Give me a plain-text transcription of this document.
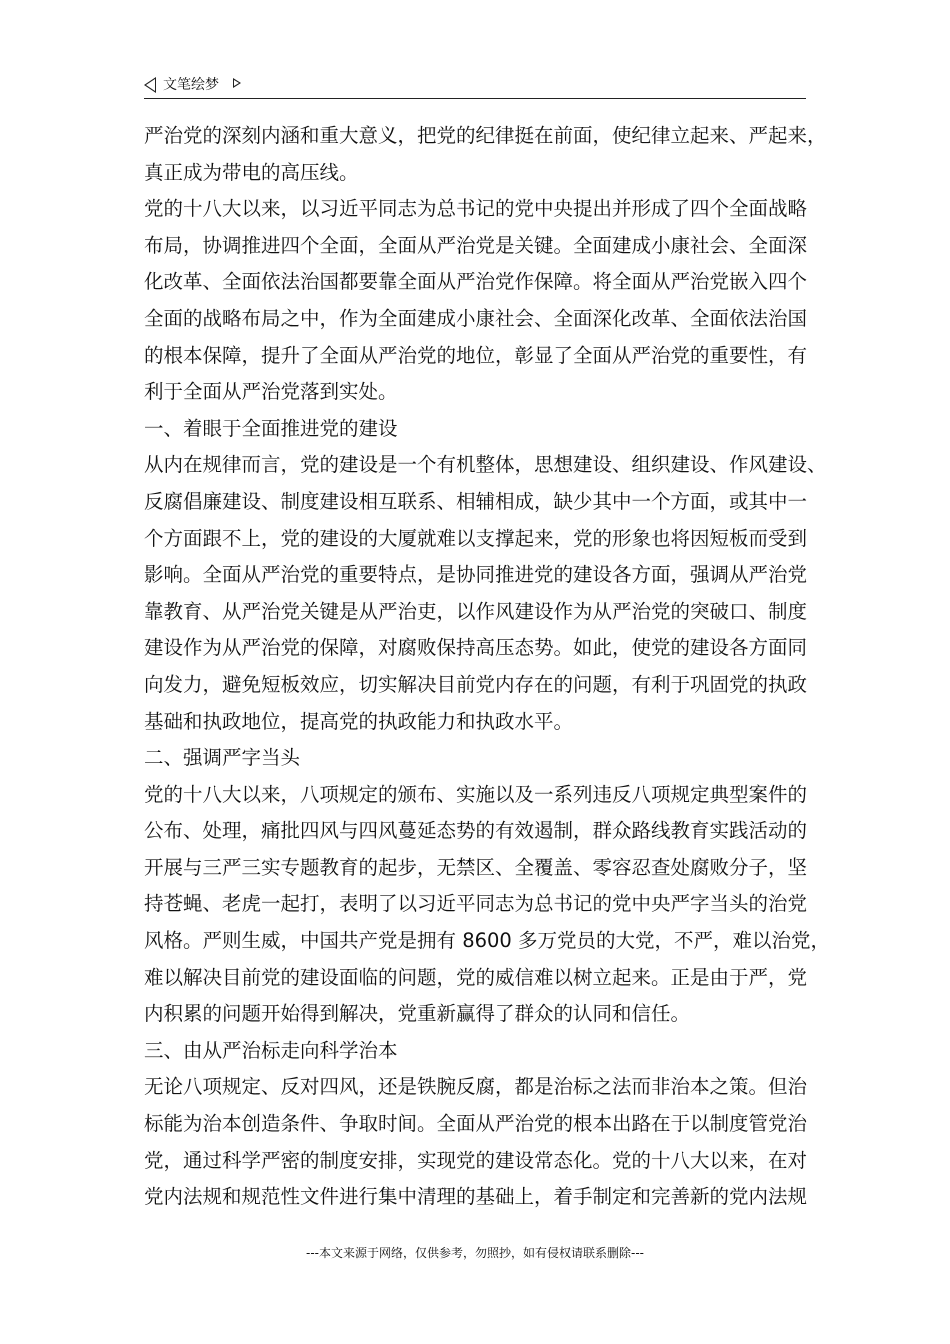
文笔绘梦
严治党的深刻内涵和重大意义，把党的纪律挺在前面，使纪律立起来、严起来，
真正成为带电的高压线。
党的十八大以来，以习近平同志为总书记的党中央提出并形成了四个全面战略
布局，协调推进四个全面，全面从严治党是关键。全面建成小康社会、全面深
化改革、全面依法治国都要靠全面从严治党作保障。将全面从严治党嵌入四个
全面的战略布局之中，作为全面建成小康社会、全面深化改革、全面依法治国
的根本保障，提升了全面从严治党的地位，彰显了全面从严治党的重要性，有
利于全面从严治党落到实处。
一、着眼于全面推进党的建设
从内在规律而言，党的建设是一个有机整体，思想建设、组织建设、作风建设、
反腐倡廉建设、制度建设相互联系、相辅相成，缺少其中一个方面，或其中一
个方面跟不上，党的建设的大厦就难以支撑起来，党的形象也将因短板而受到
影响。全面从严治党的重要特点，是协同推进党的建设各方面，强调从严治党
靠教育、从严治党关键是从严治吏，以作风建设作为从严治党的突破口、制度
建设作为从严治党的保障，对腐败保持高压态势。如此，使党的建设各方面同
向发力，避免短板效应，切实解决目前党内存在的问题，有利于巩固党的执政
基础和执政地位，提高党的执政能力和执政水平。
二、强调严字当头
党的十八大以来，八项规定的颁布、实施以及一系列违反八项规定典型案件的
公布、处理，痛批四风与四风蔓延态势的有效遏制，群众路线教育实践活动的
开展与三严三实专题教育的起步，无禁区、全覆盖、零容忍查处腐败分子，坚
持苍蝇、老虎一起打，表明了以习近平同志为总书记的党中央严字当头的治党
风格。严则生威，中国共产党是拥有 8600 多万党员的大党，不严，难以治党，
难以解决目前党的建设面临的问题，党的威信难以树立起来。正是由于严，党
内积累的问题开始得到解决，党重新赢得了群众的认同和信任。
三、由从严治标走向科学治本
无论八项规定、反对四风，还是铁腕反腐，都是治标之法而非治本之策。但治
标能为治本创造条件、争取时间。全面从严治党的根本出路在于以制度管党治
党，通过科学严密的制度安排，实现党的建设常态化。党的十八大以来，在对
党内法规和规范性文件进行集中清理的基础上，着手制定和完善新的党内法规
---本文来源于网络，仅供参考，勿照抄，如有侵权请联系删除---
